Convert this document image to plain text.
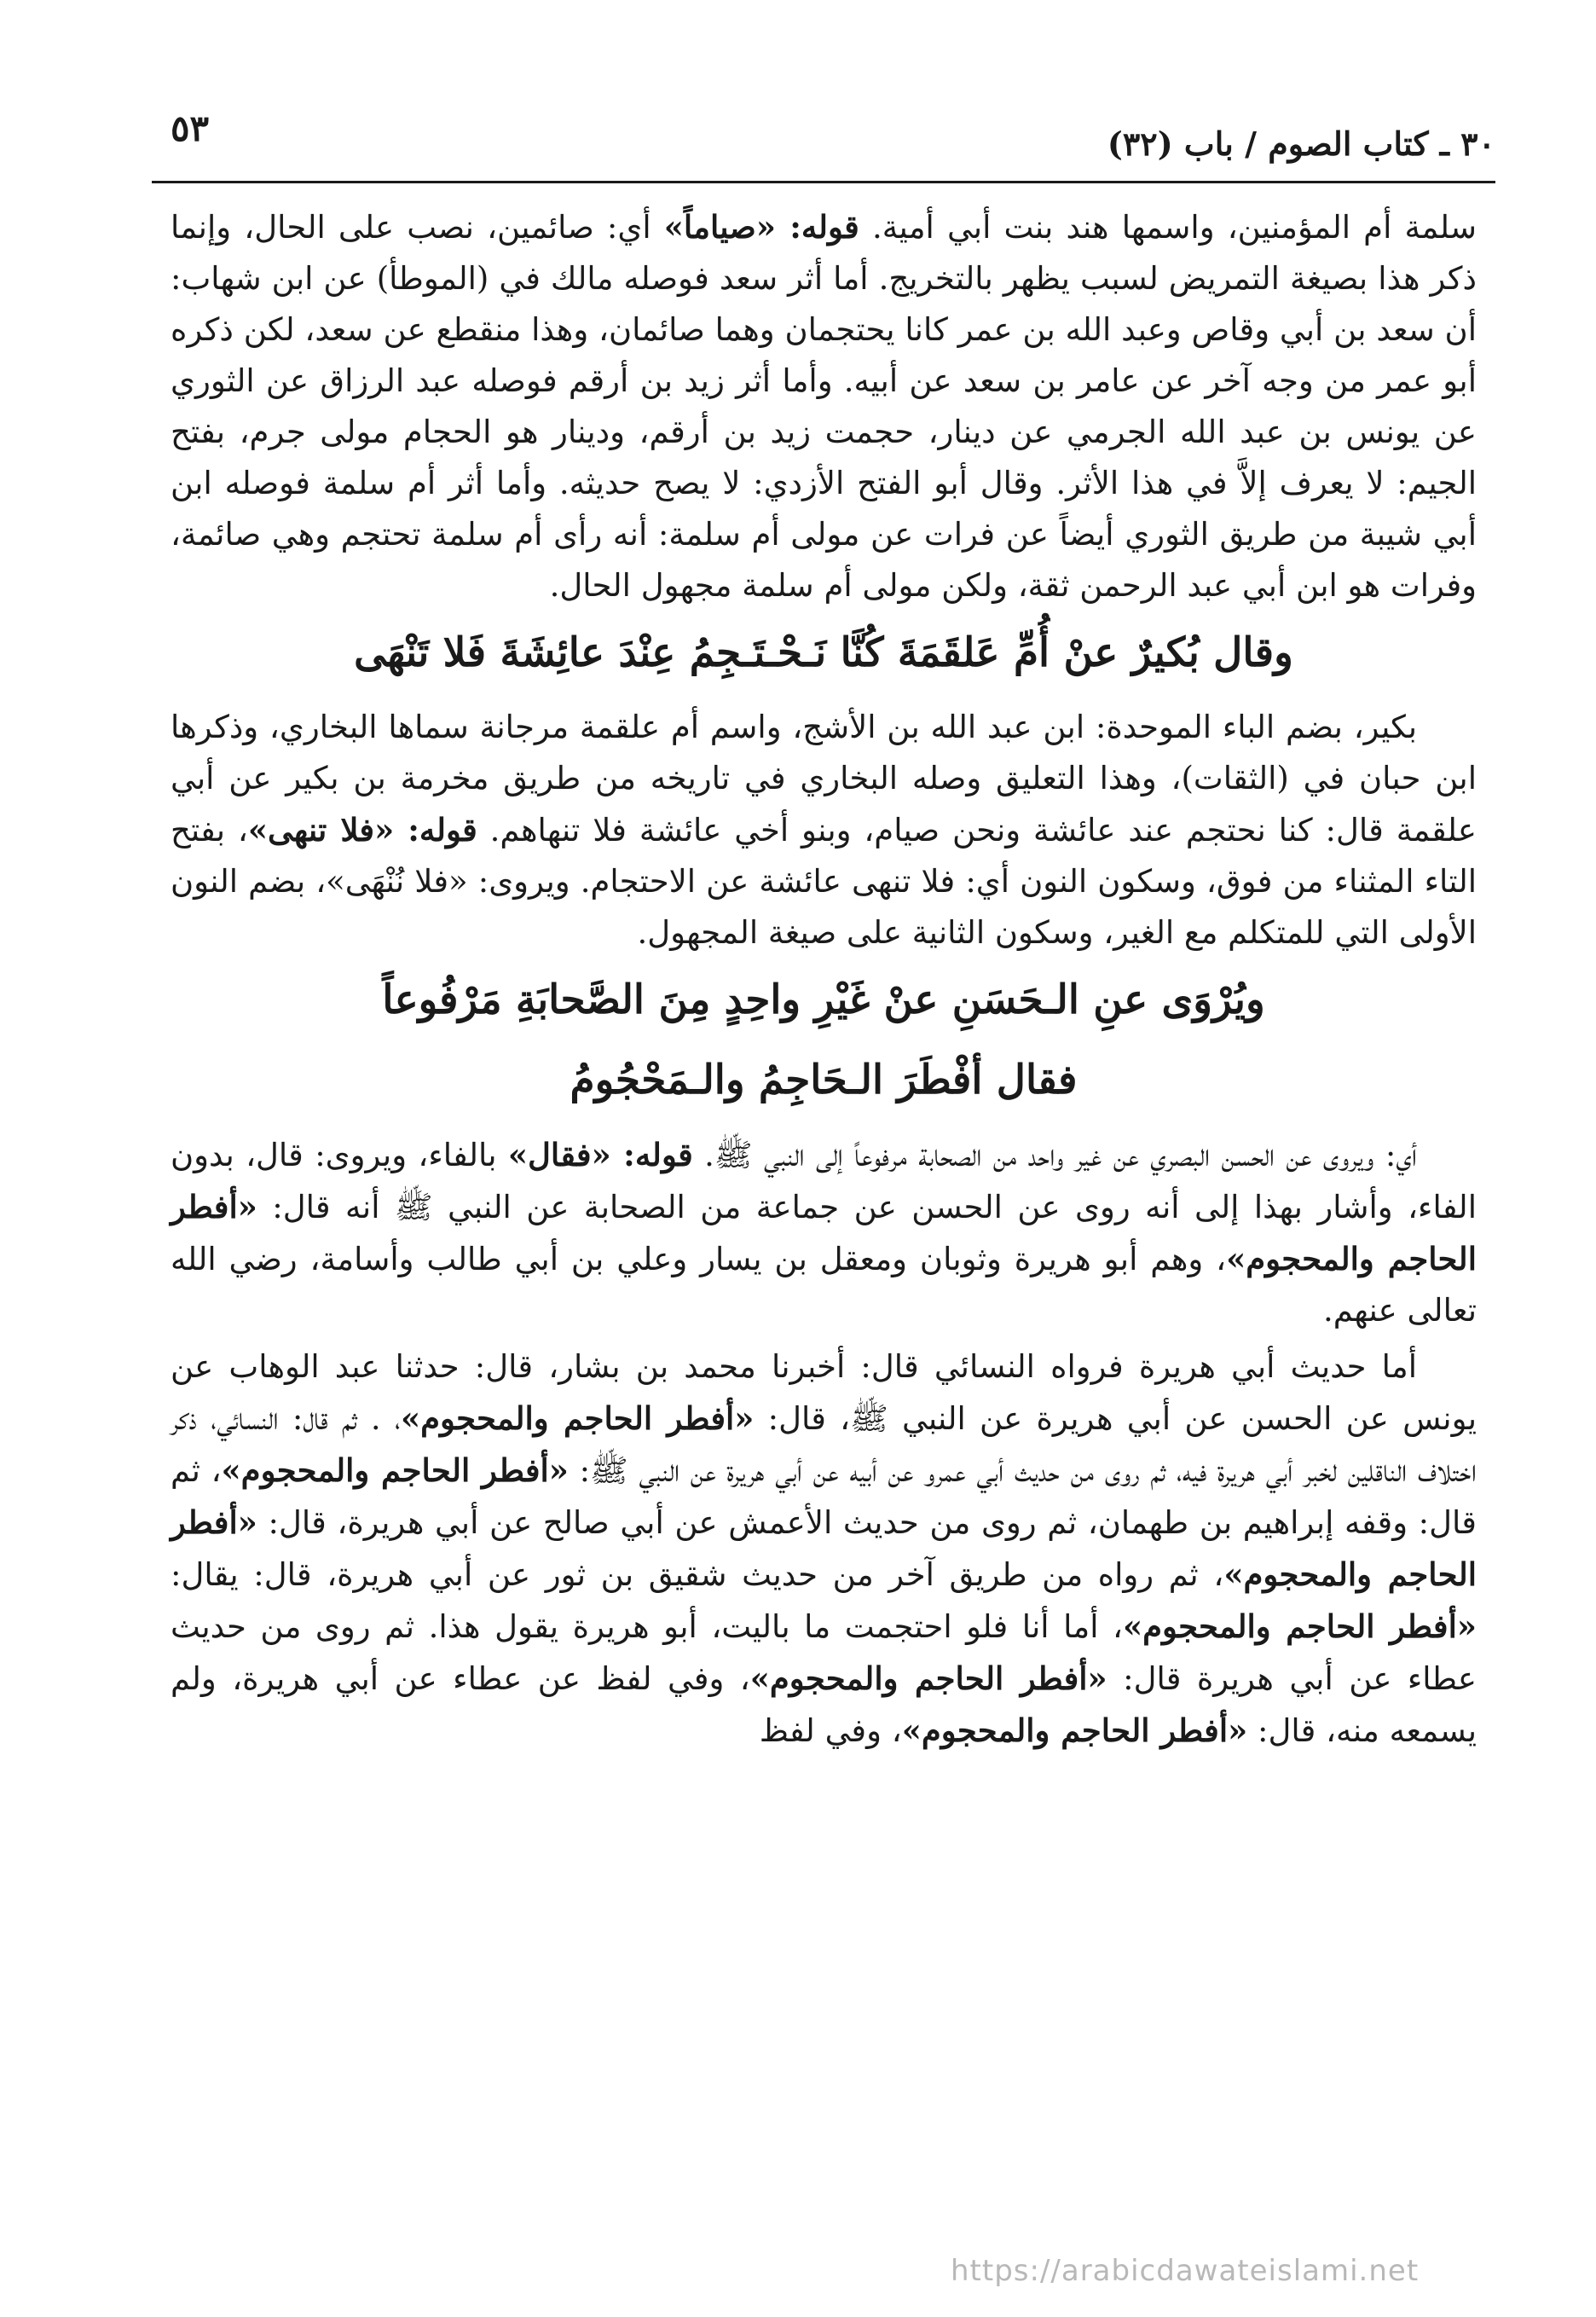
٣٠ ـ كتاب الصوم / باب (٣٢)
٥٣

سلمة أم المؤمنين، واسمها هند بنت أبي أمية. قوله: «صياماً» أي: صائمين، نصب على الحال، وإنما ذكر هذا بصيغة التمريض لسبب يظهر بالتخريج. أما أثر سعد فوصله مالك في (الموطأ) عن ابن شهاب: أن سعد بن أبي وقاص وعبد الله بن عمر كانا يحتجمان وهما صائمان، وهذا منقطع عن سعد، لكن ذكره أبو عمر من وجه آخر عن عامر بن سعد عن أبيه. وأما أثر زيد بن أرقم فوصله عبد الرزاق عن الثوري عن يونس بن عبد الله الجرمي عن دينار، حجمت زيد بن أرقم، ودينار هو الحجام مولى جرم، بفتح الجيم: لا يعرف إلاَّ في هذا الأثر. وقال أبو الفتح الأزدي: لا يصح حديثه. وأما أثر أم سلمة فوصله ابن أبي شيبة من طريق الثوري أيضاً عن فرات عن مولى أم سلمة: أنه رأى أم سلمة تحتجم وهي صائمة، وفرات هو ابن أبي عبد الرحمن ثقة، ولكن مولى أم سلمة مجهول الحال.

وقال بُكيرٌ عنْ أُمِّ عَلقَمَةَ كُنَّا نَـحْـتَـجِمُ عِنْدَ عائِشَةَ فَلا تَنْهَى

بكير، بضم الباء الموحدة: ابن عبد الله بن الأشج، واسم أم علقمة مرجانة سماها البخاري، وذكرها ابن حبان في (الثقات)، وهذا التعليق وصله البخاري في تاريخه من طريق مخرمة بن بكير عن أبي علقمة قال: كنا نحتجم عند عائشة ونحن صيام، وبنو أخي عائشة فلا تنهاهم. قوله: «فلا تنهى»، بفتح التاء المثناء من فوق، وسكون النون أي: فلا تنهى عائشة عن الاحتجام. ويروى: «فلا نُنْهَى»، بضم النون الأولى التي للمتكلم مع الغير، وسكون الثانية على صيغة المجهول.

ويُرْوَى عنِ الـحَسَنِ عنْ غَيْرِ واحِدٍ مِنَ الصَّحابَةِ مَرْفُوعاً
فقال أفْطَرَ الـحَاجِمُ والـمَحْجُومُ

أي: ويروى عن الحسن البصري عن غير واحد من الصحابة مرفوعاً إلى النبي ﷺ. قوله: «فقال» بالفاء، ويروى: قال، بدون الفاء، وأشار بهذا إلى أنه روى عن الحسن عن جماعة من الصحابة عن النبي ﷺ أنه قال: «أفطر الحاجم والمحجوم»، وهم أبو هريرة وثوبان ومعقل بن يسار وعلي بن أبي طالب وأسامة، رضي الله تعالى عنهم.

أما حديث أبي هريرة فرواه النسائي قال: أخبرنا محمد بن بشار، قال: حدثنا عبد الوهاب عن يونس عن الحسن عن أبي هريرة عن النبي ﷺ، قال: «أفطر الحاجم والمحجوم»، . ثم قال: النسائي، ذكر اختلاف الناقلين لخبر أبي هريرة فيه، ثم روى من حديث أبي عمرو عن أبيه عن أبي هريرة عن النبي ﷺ: «أفطر الحاجم والمحجوم»، ثم قال: وقفه إبراهيم بن طهمان، ثم روى من حديث الأعمش عن أبي صالح عن أبي هريرة، قال: «أفطر الحاجم والمحجوم»، ثم رواه من طريق آخر من حديث شقيق بن ثور عن أبي هريرة، قال: يقال: «أفطر الحاجم والمحجوم»، أما أنا فلو احتجمت ما باليت، أبو هريرة يقول هذا. ثم روى من حديث عطاء عن أبي هريرة قال: «أفطر الحاجم والمحجوم»، وفي لفظ عن عطاء عن أبي هريرة، ولم يسمعه منه، قال: «أفطر الحاجم والمحجوم»، وفي لفظ

https://arabicdawateislami.net
